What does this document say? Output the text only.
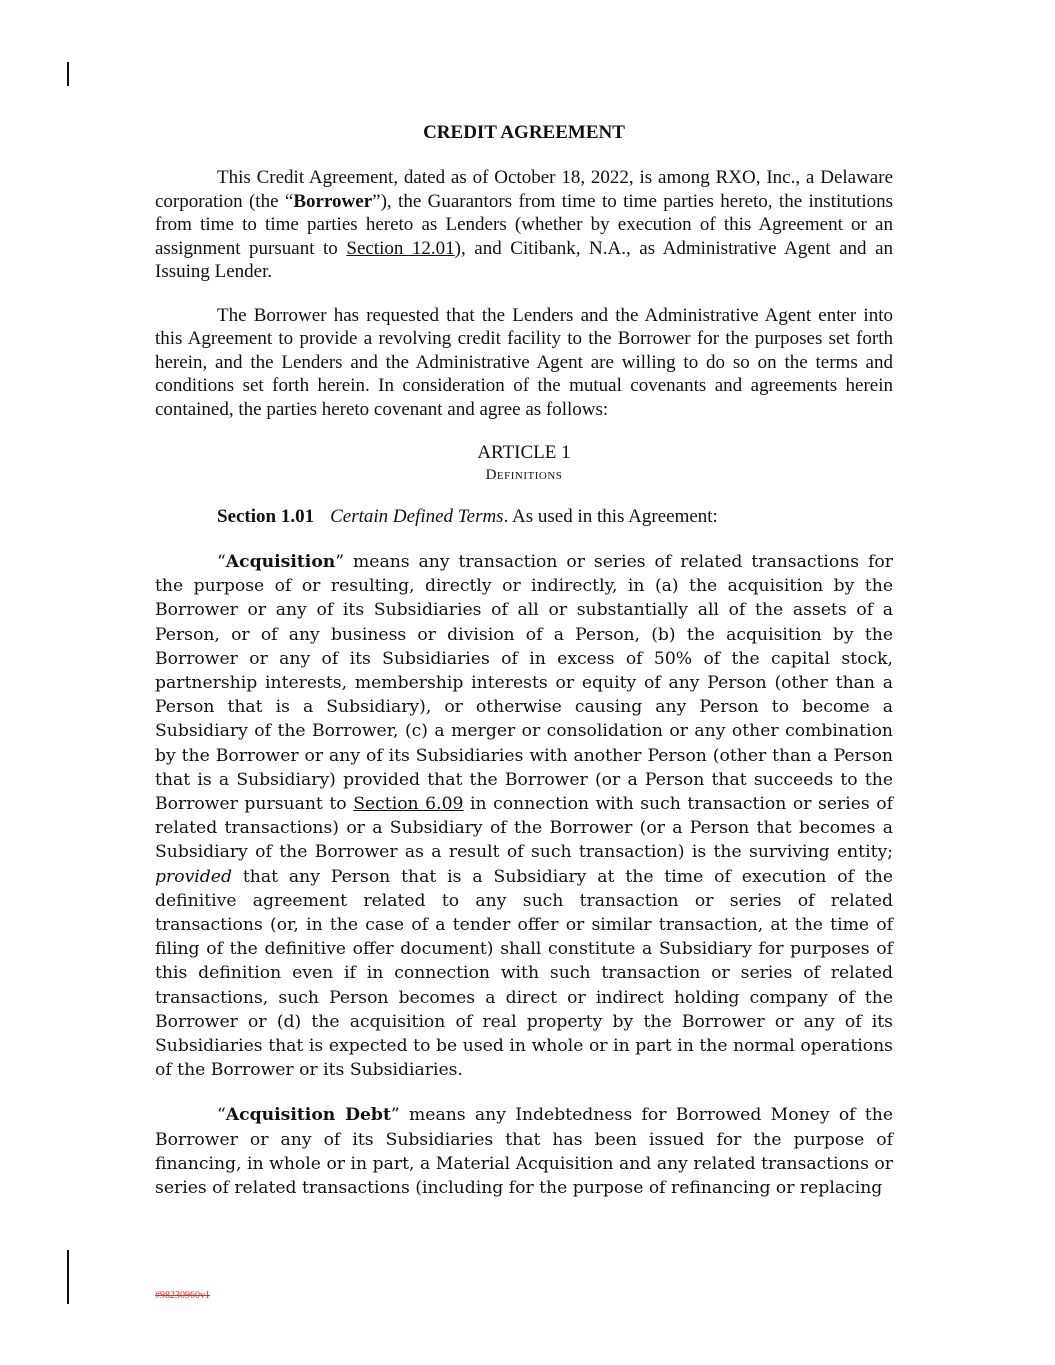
CREDIT AGREEMENT

This Credit Agreement, dated as of October 18, 2022, is among RXO, Inc., a Delaware corporation (the “Borrower”), the Guarantors from time to time parties hereto, the institutions from time to time parties hereto as Lenders (whether by execution of this Agreement or an assignment pursuant to Section 12.01), and Citibank, N.A., as Administrative Agent and an Issuing Lender.

The Borrower has requested that the Lenders and the Administrative Agent enter into this Agreement to provide a revolving credit facility to the Borrower for the purposes set forth herein, and the Lenders and the Administrative Agent are willing to do so on the terms and conditions set forth herein. In consideration of the mutual covenants and agreements herein contained, the parties hereto covenant and agree as follows:

ARTICLE 1

Definitions

Section 1.01 Certain Defined Terms. As used in this Agreement:

“Acquisition” means any transaction or series of related transactions for the purpose of or resulting, directly or indirectly, in (a) the acquisition by the Borrower or any of its Subsidiaries of all or substantially all of the assets of a Person, or of any business or division of a Person, (b) the acquisition by the Borrower or any of its Subsidiaries of in excess of 50% of the capital stock, partnership interests, membership interests or equity of any Person (other than a Person that is a Subsidiary), or otherwise causing any Person to become a Subsidiary of the Borrower, (c) a merger or consolidation or any other combination by the Borrower or any of its Subsidiaries with another Person (other than a Person that is a Subsidiary) provided that the Borrower (or a Person that succeeds to the Borrower pursuant to Section 6.09 in connection with such transaction or series of related transactions) or a Subsidiary of the Borrower (or a Person that becomes a Subsidiary of the Borrower as a result of such transaction) is the surviving entity; provided that any Person that is a Subsidiary at the time of execution of the definitive agreement related to any such transaction or series of related transactions (or, in the case of a tender offer or similar transaction, at the time of filing of the definitive offer document) shall constitute a Subsidiary for purposes of this definition even if in connection with such transaction or series of related transactions, such Person becomes a direct or indirect holding company of the Borrower or (d) the acquisition of real property by the Borrower or any of its Subsidiaries that is expected to be used in whole or in part in the normal operations of the Borrower or its Subsidiaries.

“Acquisition Debt” means any Indebtedness for Borrowed Money of the Borrower or any of its Subsidiaries that has been issued for the purpose of financing, in whole or in part, a Material Acquisition and any related transactions or series of related transactions (including for the purpose of refinancing or replacing

#98230960v1
